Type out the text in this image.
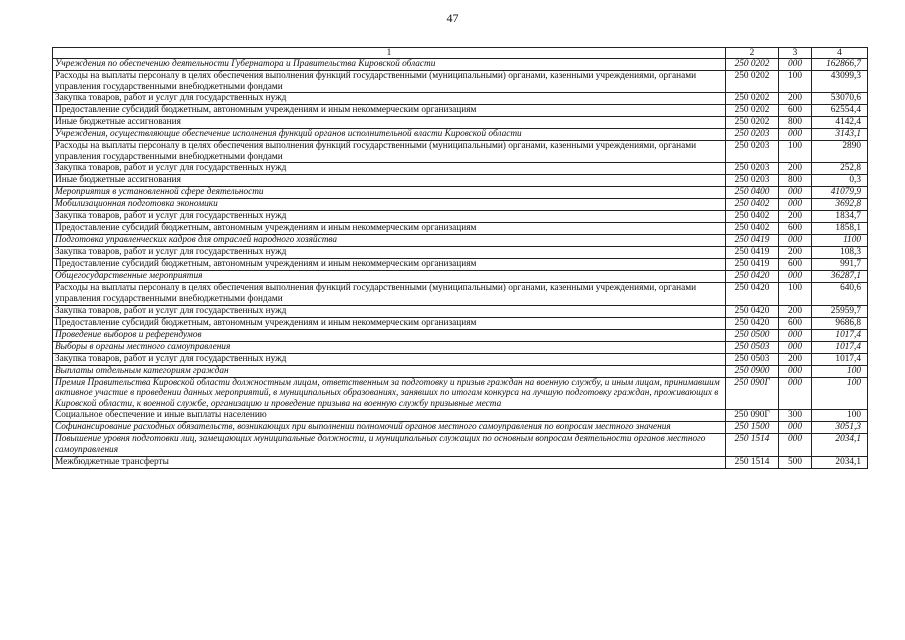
47
1	2	3	4
Учреждения по обеспечению деятельности Губернатора и Правительства Кировской области	250 0202	000	162866,7
Расходы на выплаты персоналу в целях обеспечения выполнения функций государственными (муниципальными) органами, казенными учреждениями, органами управления государственными внебюджетными фондами	250 0202	100	43099,3
Закупка товаров, работ и услуг для государственных нужд	250 0202	200	53070,6
Предоставление субсидий бюджетным, автономным учреждениям и иным некоммерческим организациям	250 0202	600	62554,4
Иные бюджетные ассигнования	250 0202	800	4142,4
Учреждения, осуществляющие обеспечение исполнения функций органов исполнительной власти Кировской области	250 0203	000	3143,1
Расходы на выплаты персоналу в целях обеспечения выполнения функций государственными (муниципальными) органами, казенными учреждениями, органами управления государственными внебюджетными фондами	250 0203	100	2890
Закупка товаров, работ и услуг для государственных нужд	250 0203	200	252,8
Иные бюджетные ассигнования	250 0203	800	0,3
Мероприятия в установленной сфере деятельности	250 0400	000	41079,9
Мобилизационная подготовка экономики	250 0402	000	3692,8
Закупка товаров, работ и услуг для государственных нужд	250 0402	200	1834,7
Предоставление субсидий бюджетным, автономным учреждениям и иным некоммерческим организациям	250 0402	600	1858,1
Подготовка управленческих кадров для отраслей народного хозяйства	250 0419	000	1100
Закупка товаров, работ и услуг для государственных нужд	250 0419	200	108,3
Предоставление субсидий бюджетным, автономным учреждениям и иным некоммерческим организациям	250 0419	600	991,7
Общегосударственные мероприятия	250 0420	000	36287,1
Расходы на выплаты персоналу в целях обеспечения выполнения функций государственными (муниципальными) органами, казенными учреждениями, органами управления государственными внебюджетными фондами	250 0420	100	640,6
Закупка товаров, работ и услуг для государственных нужд	250 0420	200	25959,7
Предоставление субсидий бюджетным, автономным учреждениям и иным некоммерческим организациям	250 0420	600	9686,8
Проведение выборов и референдумов	250 0500	000	1017,4
Выборы в органы местного самоуправления	250 0503	000	1017,4
Закупка товаров, работ и услуг для государственных нужд	250 0503	200	1017,4
Выплаты отдельным категориям граждан	250 0900	000	100
Премия Правительства Кировской области должностным лицам, ответственным за подготовку и призыв граждан на военную службу, и иным лицам, принимавшим активное участие в проведении данных мероприятий, в муниципальных образованиях, занявших по итогам конкурса на лучшую подготовку граждан, проживающих в Кировской области, к военной службе, организацию и проведение призыва на военную службу призывные места	250 090Г	000	100
Социальное обеспечение и иные выплаты населению	250 090Г	300	100
Софинансирование расходных обязательств, возникающих при выполнении полномочий органов местного самоуправления по вопросам местного значения	250 1500	000	3051,3
Повышение уровня подготовки лиц, замещающих муниципальные должности, и муниципальных служащих по основным вопросам деятельности органов местного самоуправления	250 1514	000	2034,1
Межбюджетные трансферты	250 1514	500	2034,1
